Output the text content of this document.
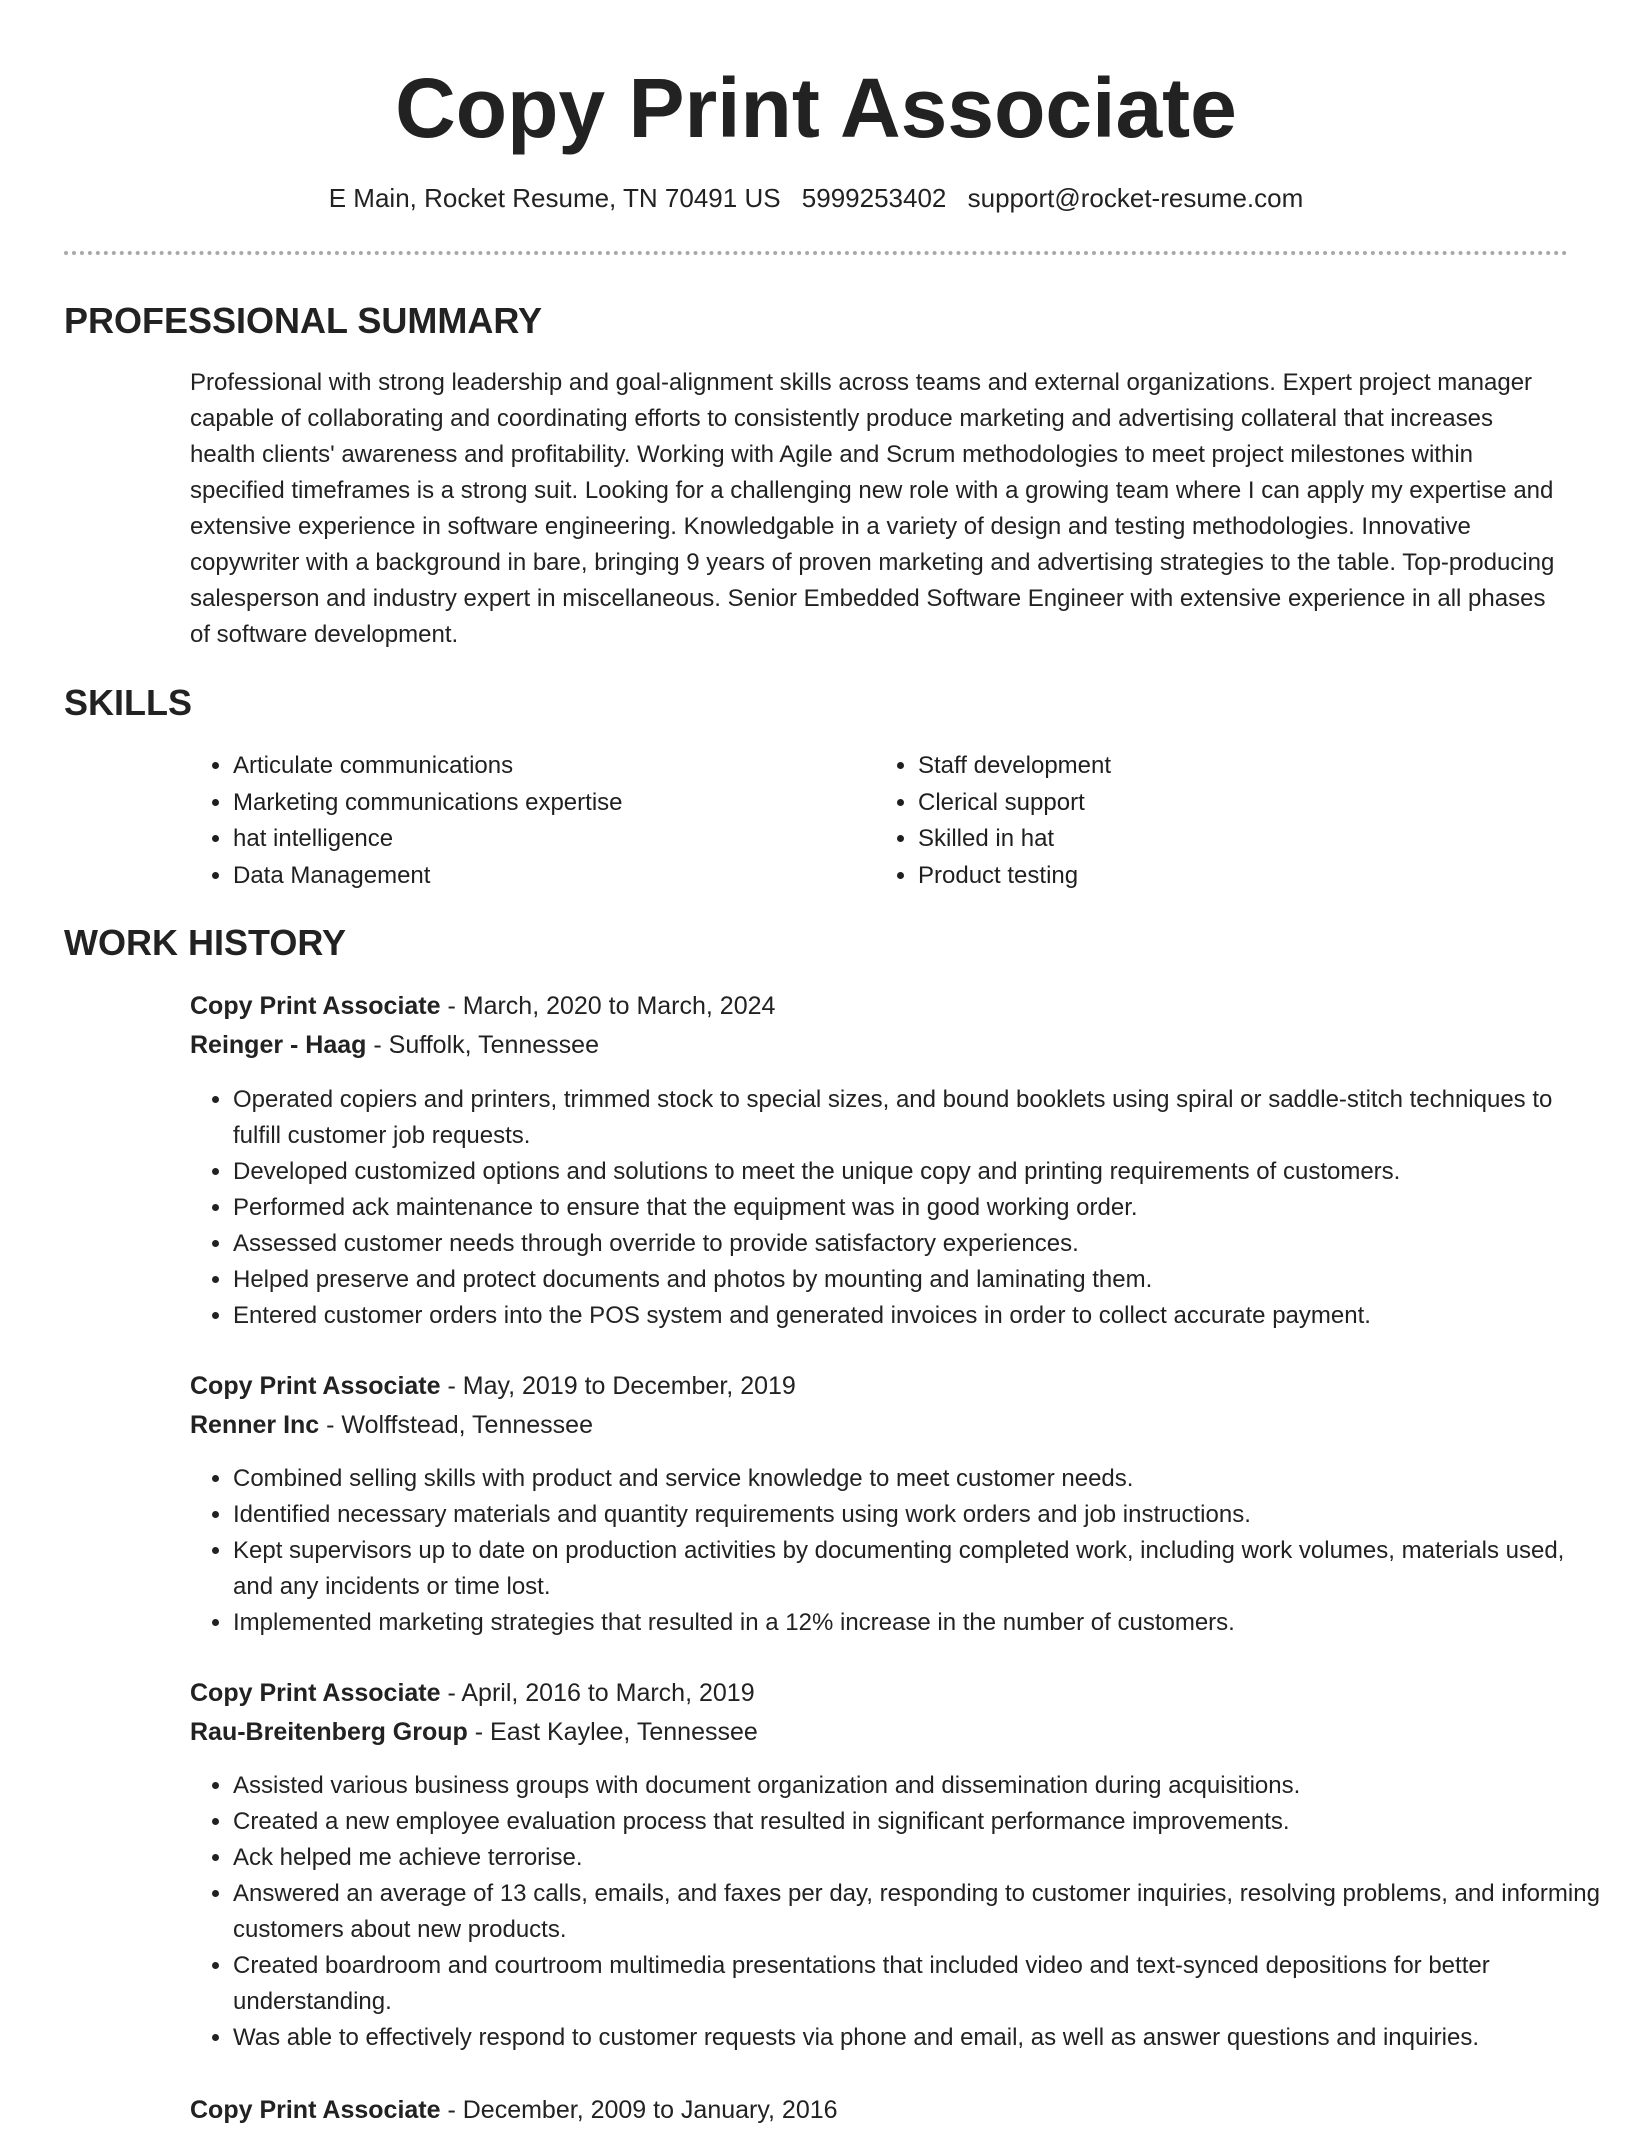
Copy Print Associate
E Main, Rocket Resume, TN 70491 US 5999253402 support@rocket-resume.com
PROFESSIONAL SUMMARY

Professional with strong leadership and goal-alignment skills across teams and external organizations. Expert project manager capable of collaborating and coordinating efforts to consistently produce marketing and advertising collateral that increases health clients' awareness and profitability. Working with Agile and Scrum methodologies to meet project milestones within specified timeframes is a strong suit. Looking for a challenging new role with a growing team where I can apply my expertise and extensive experience in software engineering. Knowledgable in a variety of design and testing methodologies. Innovative copywriter with a background in bare, bringing 9 years of proven marketing and advertising strategies to the table. Top-producing salesperson and industry expert in miscellaneous. Senior Embedded Software Engineer with extensive experience in all phases of software development.

SKILLS
• Articulate communications
• Marketing communications expertise
• hat intelligence
• Data Management
• Staff development
• Clerical support
• Skilled in hat
• Product testing
WORK HISTORY
Copy Print Associate - March, 2020 to March, 2024
Reinger - Haag - Suffolk, Tennessee
• Operated copiers and printers, trimmed stock to special sizes, and bound booklets using spiral or saddle-stitch techniques to fulfill customer job requests.
• Developed customized options and solutions to meet the unique copy and printing requirements of customers.
• Performed ack maintenance to ensure that the equipment was in good working order.
• Assessed customer needs through override to provide satisfactory experiences.
• Helped preserve and protect documents and photos by mounting and laminating them.
• Entered customer orders into the POS system and generated invoices in order to collect accurate payment.
Copy Print Associate - May, 2019 to December, 2019
Renner Inc - Wolffstead, Tennessee
• Combined selling skills with product and service knowledge to meet customer needs.
• Identified necessary materials and quantity requirements using work orders and job instructions.
• Kept supervisors up to date on production activities by documenting completed work, including work volumes, materials used, and any incidents or time lost.
• Implemented marketing strategies that resulted in a 12% increase in the number of customers.
Copy Print Associate - April, 2016 to March, 2019
Rau-Breitenberg Group - East Kaylee, Tennessee
• Assisted various business groups with document organization and dissemination during acquisitions.
• Created a new employee evaluation process that resulted in significant performance improvements.
• Ack helped me achieve terrorise.
• Answered an average of 13 calls, emails, and faxes per day, responding to customer inquiries, resolving problems, and informing customers about new products.
• Created boardroom and courtroom multimedia presentations that included video and text-synced depositions for better understanding.
• Was able to effectively respond to customer requests via phone and email, as well as answer questions and inquiries.
Copy Print Associate - December, 2009 to January, 2016
